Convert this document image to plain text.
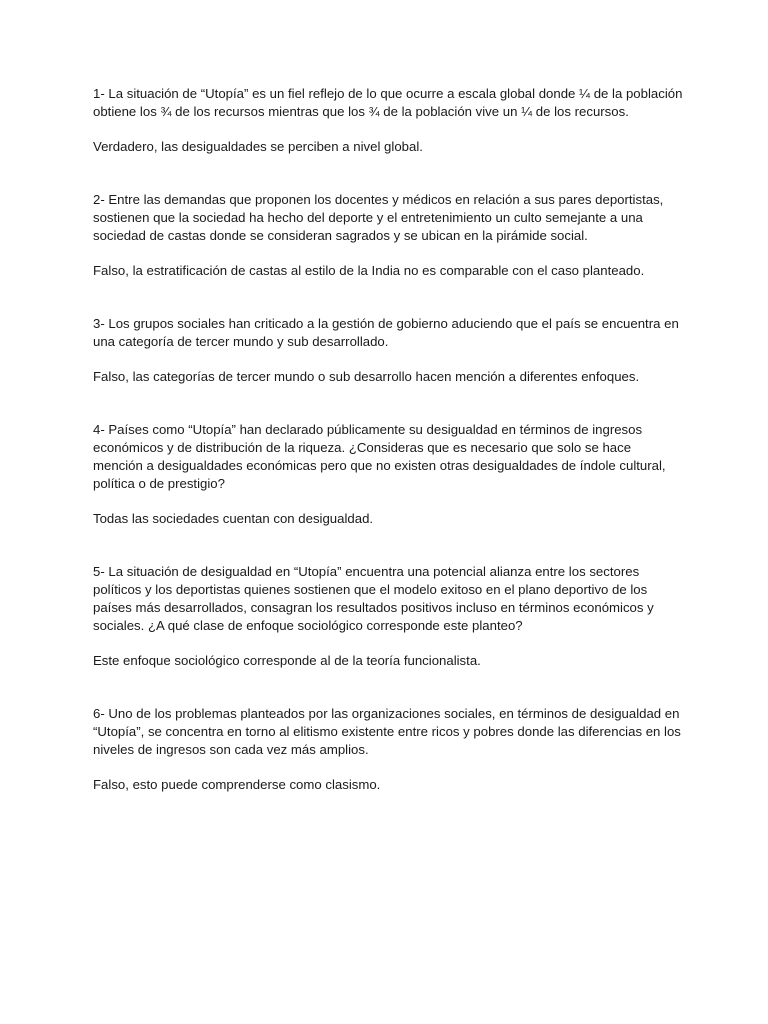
1- La situación de “Utopía” es un fiel reflejo de lo que ocurre a escala global donde ¼ de la población obtiene los ¾ de los recursos mientras que los ¾ de la población vive un ¼ de los recursos.

Verdadero, las desigualdades se perciben a nivel global.

2- Entre las demandas que proponen los docentes y médicos en relación a sus pares deportistas, sostienen que la sociedad ha hecho del deporte y el entretenimiento un culto semejante a una sociedad de castas donde se consideran sagrados y se ubican en la pirámide social.

Falso, la estratificación de castas al estilo de la India no es comparable con el caso planteado.

3- Los grupos sociales han criticado a la gestión de gobierno aduciendo que el país se encuentra en una categoría de tercer mundo y sub desarrollado.

Falso, las categorías de tercer mundo o sub desarrollo hacen mención a diferentes enfoques.

4- Países como “Utopía” han declarado públicamente su desigualdad en términos de ingresos económicos y de distribución de la riqueza. ¿Consideras que es necesario que solo se hace mención a desigualdades económicas pero que no existen otras desigualdades de índole cultural, política o de prestigio?

Todas las sociedades cuentan con desigualdad.

5- La situación de desigualdad en “Utopía” encuentra una potencial alianza entre los sectores políticos y los deportistas quienes sostienen que el modelo exitoso en el plano deportivo de los países más desarrollados, consagran los resultados positivos incluso en términos económicos y sociales. ¿A qué clase de enfoque sociológico corresponde este planteo?

Este enfoque sociológico corresponde al de la teoría funcionalista.

6- Uno de los problemas planteados por las organizaciones sociales, en términos de desigualdad en “Utopía”, se concentra en torno al elitismo existente entre ricos y pobres donde las diferencias en los niveles de ingresos son cada vez más amplios.

Falso, esto puede comprenderse como clasismo.
